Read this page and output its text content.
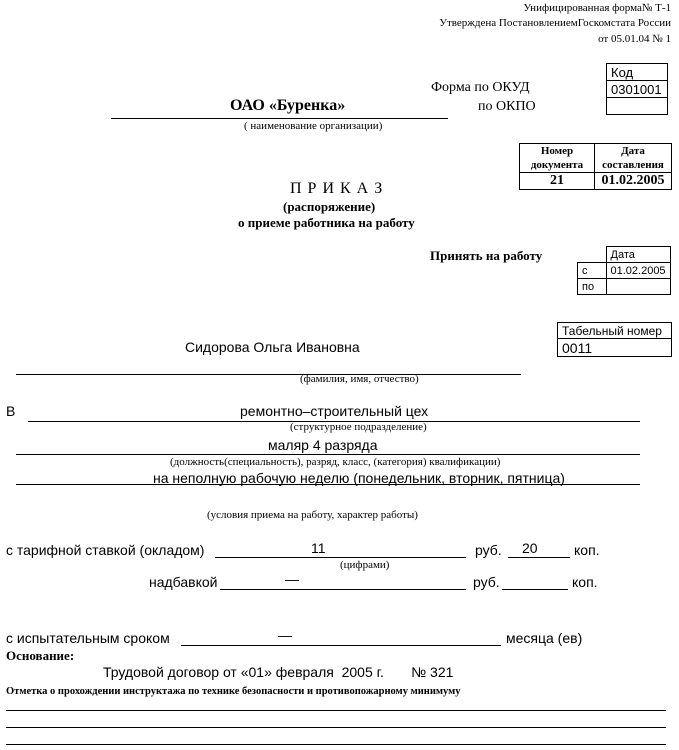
Унифицированная форма№ Т-1
Утверждена ПостановлениемГоскомстата России
от 05.01.04 № 1
Форма по ОКУД
по ОКПО
Код
0301001

ОАО «Буренка»
( наименование организации)
Номер
документа	Дата
составления
21	01.02.2005
П Р И К А З
(распоряжение)
о приеме работника на работу
Принять на работу
		Дата
с	01.02.2005
по	
Табельный номер
0011
Сидорова Ольга Ивановна
(фамилия, имя, отчество)
В	ремонтно–строительный цех
(структурное подразделение)
маляр 4 разряда
(должность(специальность), разряд, класс, (категория) квалификации)
на неполную рабочую неделю (понедельник, вторник, пятница)
(условия приема на работу, характер работы)
с тарифной ставкой (окладом)	11	руб. 20	коп.
(цифрами)
надбавкой	—	руб.	коп.
с испытательным сроком	—	месяца (ев)
Основание:
Трудовой договор от «01» февраля  2005 г.       № 321
Отметка о прохождении инструктажа по технике безопасности и противопожарному минимуму
